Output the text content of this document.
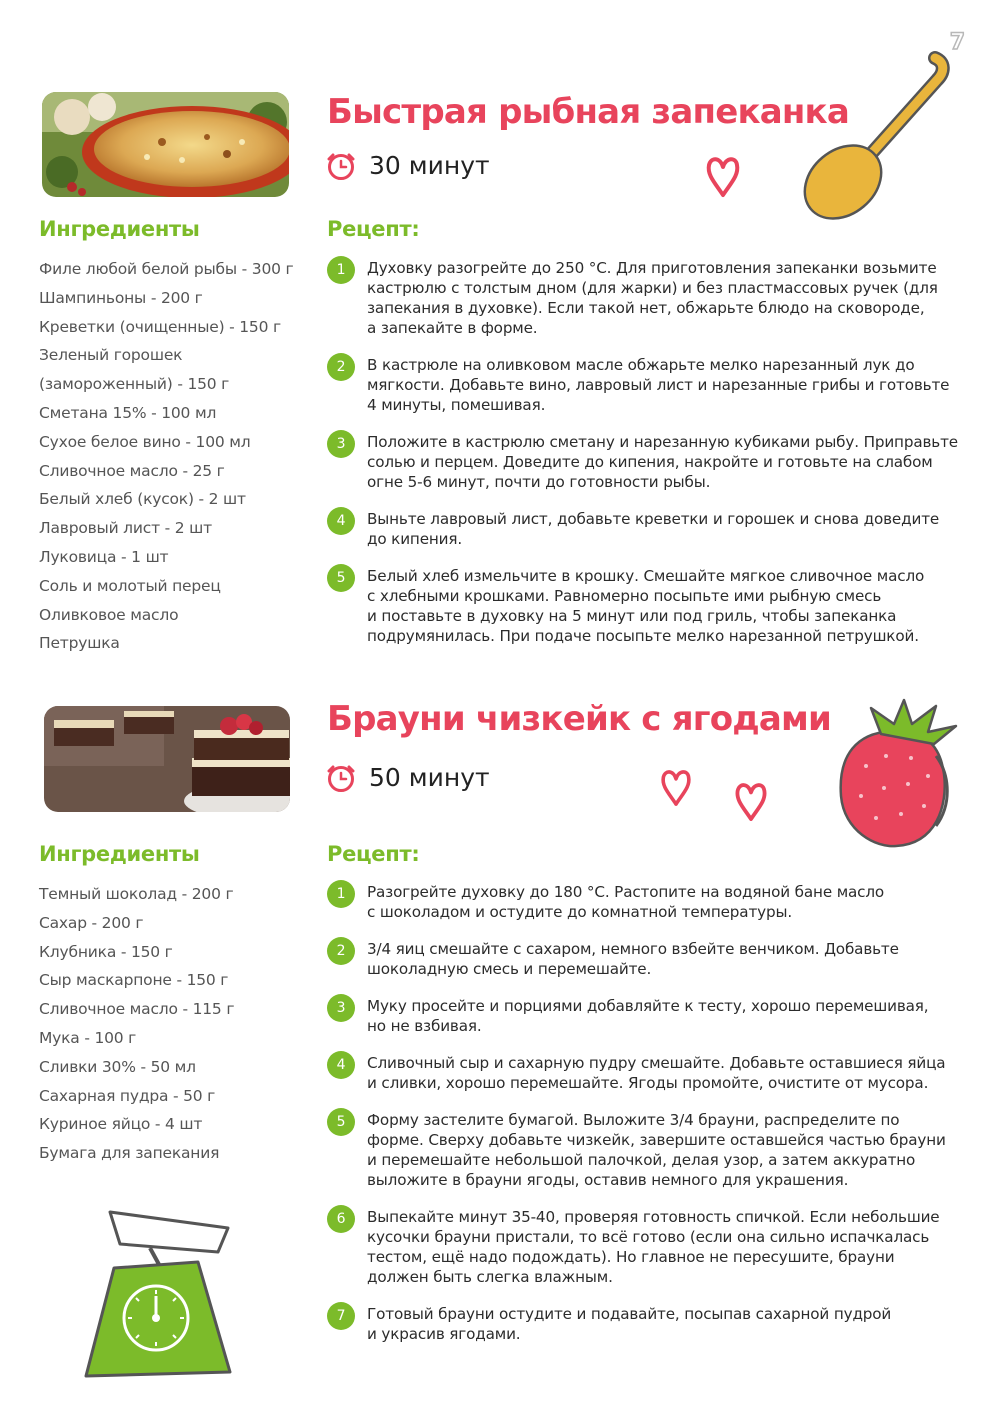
7
Быстрая рыбная запеканка
30 минут
Ингредиенты
Филе любой белой рыбы - 300 г
Шампиньоны - 200 г
Креветки (очищенные) - 150 г
Зеленый горошек
(замороженный) - 150 г
Сметана 15% - 100 мл
Сухое белое вино - 100 мл
Сливочное масло - 25 г
Белый хлеб (кусок) - 2 шт
Лавровый лист - 2 шт
Луковица - 1 шт
Соль и молотый перец
Оливковое масло
Петрушка
Рецепт:
1	Духовку разогрейте до 250 °С. Для приготовления запеканки возьмите
кастрюлю с толстым дном (для жарки) и без пластмассовых ручек (для
запекания в духовке). Если такой нет, обжарьте блюдо на сковороде,
а запекайте в форме.
2	В кастрюле на оливковом масле обжарьте мелко нарезанный лук до
мягкости. Добавьте вино, лавровый лист и нарезанные грибы и готовьте
4 минуты, помешивая.
3	Положите в кастрюлю сметану и нарезанную кубиками рыбу. Приправьте
солью и перцем. Доведите до кипения, накройте и готовьте на слабом
огне 5-6 минут, почти до готовности рыбы.
4	Выньте лавровый лист, добавьте креветки и горошек и снова доведите
до кипения.
5	Белый хлеб измельчите в крошку. Смешайте мягкое сливочное масло
с хлебными крошками. Равномерно посыпьте ими рыбную смесь
и поставьте в духовку на 5 минут или под гриль, чтобы запеканка
подрумянилась. При подаче посыпьте мелко нарезанной петрушкой.
Брауни чизкейк с ягодами
50 минут
Ингредиенты
Темный шоколад - 200 г
Сахар - 200 г
Клубника - 150 г
Сыр маскарпоне - 150 г
Сливочное масло - 115 г
Мука - 100 г
Сливки 30% - 50 мл
Сахарная пудра - 50 г
Куриное яйцо - 4 шт
Бумага для запекания
Рецепт:
1	Разогрейте духовку до 180 °С. Растопите на водяной бане масло
с шоколадом и остудите до комнатной температуры.
2	3/4 яиц смешайте с сахаром, немного взбейте венчиком. Добавьте
шоколадную смесь и перемешайте.
3	Муку просейте и порциями добавляйте к тесту, хорошо перемешивая,
но не взбивая.
4	Сливочный сыр и сахарную пудру смешайте. Добавьте оставшиеся яйца
и сливки, хорошо перемешайте. Ягоды промойте, очистите от мусора.
5	Форму застелите бумагой. Выложите 3/4 брауни, распределите по
форме. Сверху добавьте чизкейк, завершите оставшейся частью брауни
и перемешайте небольшой палочкой, делая узор, а затем аккуратно
выложите в брауни ягоды, оставив немного для украшения.
6	Выпекайте минут 35-40, проверяя готовность спичкой. Если небольшие
кусочки брауни пристали, то всё готово (если она сильно испачкалась
тестом, ещё надо подождать). Но главное не пересушите, брауни
должен быть слегка влажным.
7	Готовый брауни остудите и подавайте, посыпав сахарной пудрой
и украсив ягодами.
